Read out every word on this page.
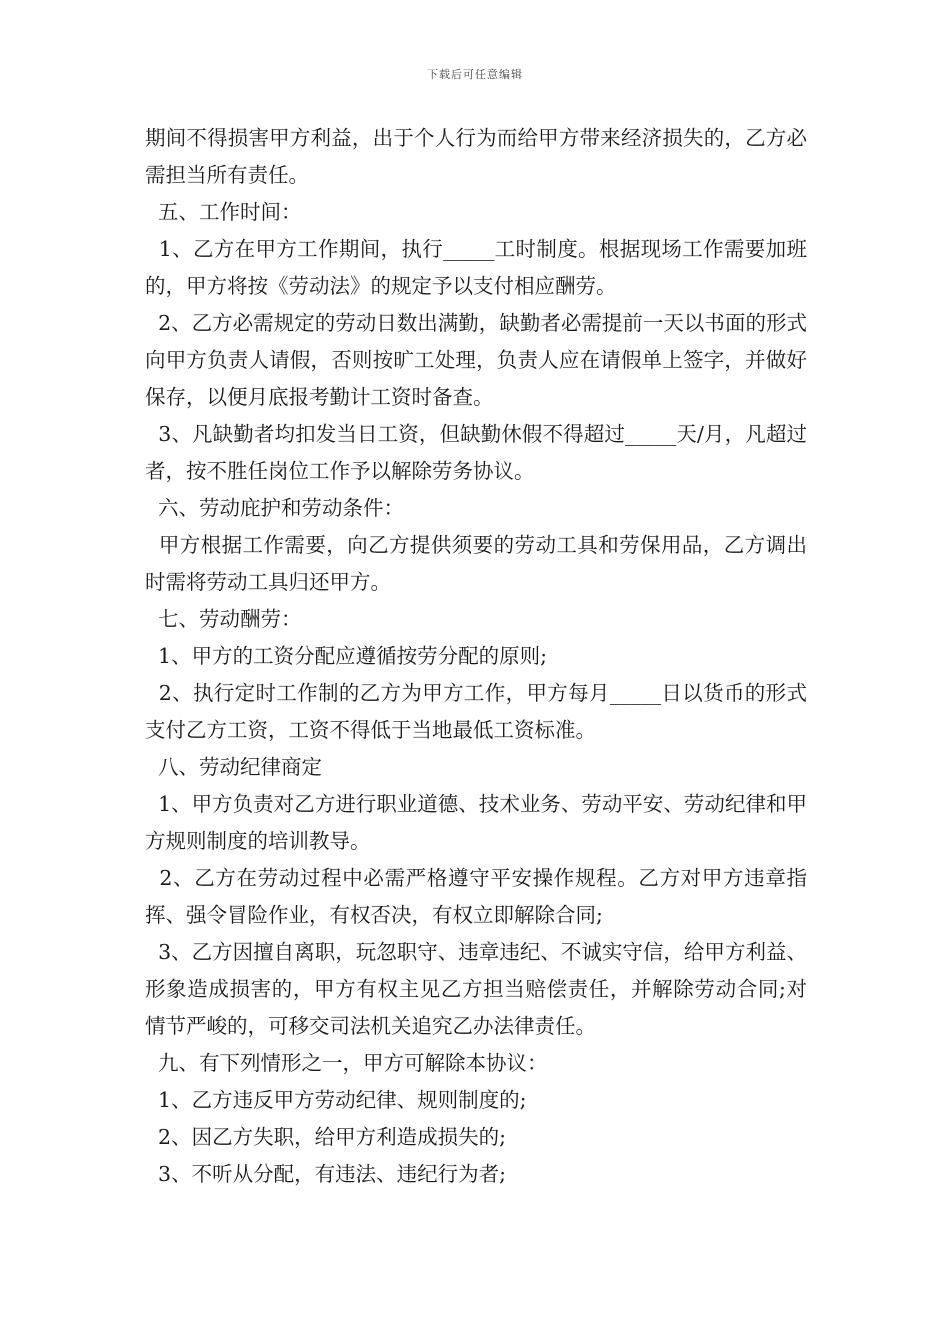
下载后可任意编辑

期间不得损害甲方利益，出于个人行为而给甲方带来经济损失的，乙方必需担当所有责任。

五、工作时间：

1、乙方在甲方工作期间，执行_____工时制度。根据现场工作需要加班的，甲方将按《劳动法》的规定予以支付相应酬劳。

2、乙方必需规定的劳动日数出满勤，缺勤者必需提前一天以书面的形式向甲方负责人请假，否则按旷工处理，负责人应在请假单上签字，并做好保存，以便月底报考勤计工资时备查。

3、凡缺勤者均扣发当日工资，但缺勤休假不得超过_____天/月，凡超过者，按不胜任岗位工作予以解除劳务协议。

六、劳动庇护和劳动条件：

甲方根据工作需要，向乙方提供须要的劳动工具和劳保用品，乙方调出时需将劳动工具归还甲方。

七、劳动酬劳：

1、甲方的工资分配应遵循按劳分配的原则;

2、执行定时工作制的乙方为甲方工作，甲方每月_____日以货币的形式支付乙方工资，工资不得低于当地最低工资标准。

八、劳动纪律商定

1、甲方负责对乙方进行职业道德、技术业务、劳动平安、劳动纪律和甲方规则制度的培训教导。

2、乙方在劳动过程中必需严格遵守平安操作规程。乙方对甲方违章指挥、强令冒险作业，有权否决，有权立即解除合同;

3、乙方因擅自离职，玩忽职守、违章违纪、不诚实守信，给甲方利益、形象造成损害的，甲方有权主见乙方担当赔偿责任，并解除劳动合同;对情节严峻的，可移交司法机关追究乙办法律责任。

九、有下列情形之一，甲方可解除本协议：

1、乙方违反甲方劳动纪律、规则制度的;

2、因乙方失职，给甲方利造成损失的;

3、不听从分配，有违法、违纪行为者;
